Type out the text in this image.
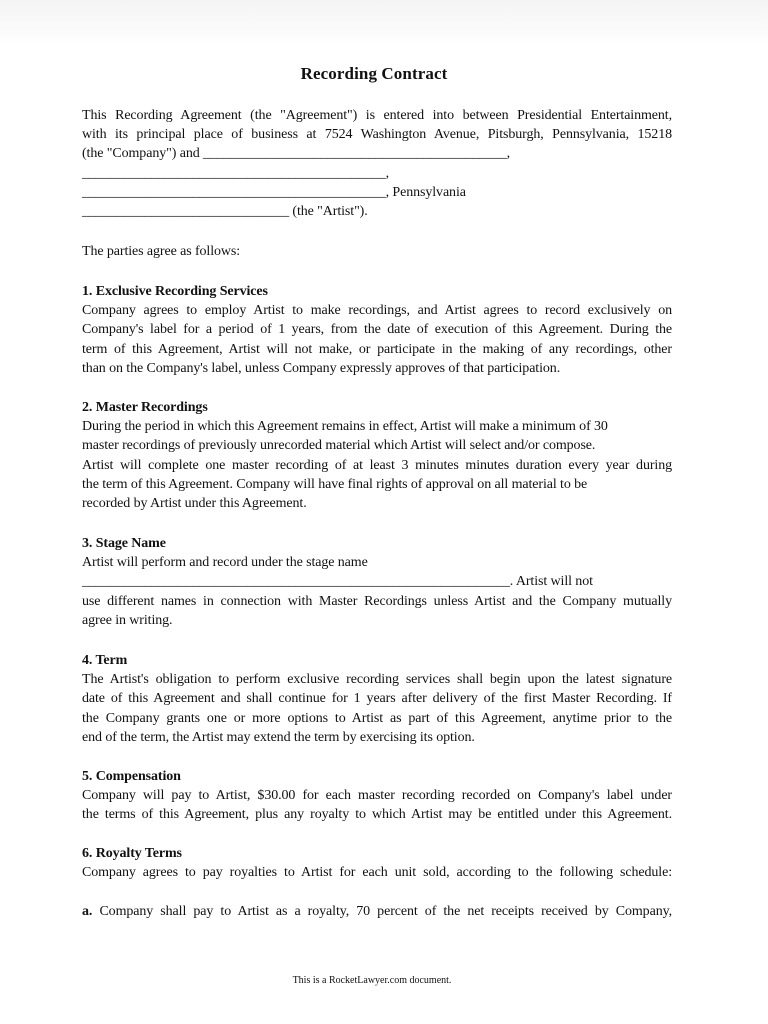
Recording Contract
This Recording Agreement (the "Agreement") is entered into between Presidential Entertainment,
with its principal place of business at 7524 Washington Avenue, Pitsburgh, Pennsylvania, 15218
(the "Company") and ____________________________________________,
____________________________________________,
____________________________________________, Pennsylvania
______________________________ (the "Artist").
The parties agree as follows:
1. Exclusive Recording Services
Company agrees to employ Artist to make recordings, and Artist agrees to record exclusively on
Company's label for a period of 1 years, from the date of execution of this Agreement. During the
term of this Agreement, Artist will not make, or participate in the making of any recordings, other
than on the Company's label, unless Company expressly approves of that participation.
2. Master Recordings
During the period in which this Agreement remains in effect, Artist will make a minimum of 30
master recordings of previously unrecorded material which Artist will select and/or compose.
Artist will complete one master recording of at least 3 minutes minutes duration every year during
the term of this Agreement. Company will have final rights of approval on all material to be
recorded by Artist under this Agreement.
3. Stage Name
Artist will perform and record under the stage name
______________________________________________________________. Artist will not
use different names in connection with Master Recordings unless Artist and the Company mutually
agree in writing.
4. Term
The Artist's obligation to perform exclusive recording services shall begin upon the latest signature
date of this Agreement and shall continue for 1 years after delivery of the first Master Recording. If
the Company grants one or more options to Artist as part of this Agreement, anytime prior to the
end of the term, the Artist may extend the term by exercising its option.
5. Compensation
Company will pay to Artist, $30.00 for each master recording recorded on Company's label under
the terms of this Agreement, plus any royalty to which Artist may be entitled under this Agreement.
6. Royalty Terms
Company agrees to pay royalties to Artist for each unit sold, according to the following schedule:
a. Company shall pay to Artist as a royalty, 70 percent of the net receipts received by Company,
This is a RocketLawyer.com document.
